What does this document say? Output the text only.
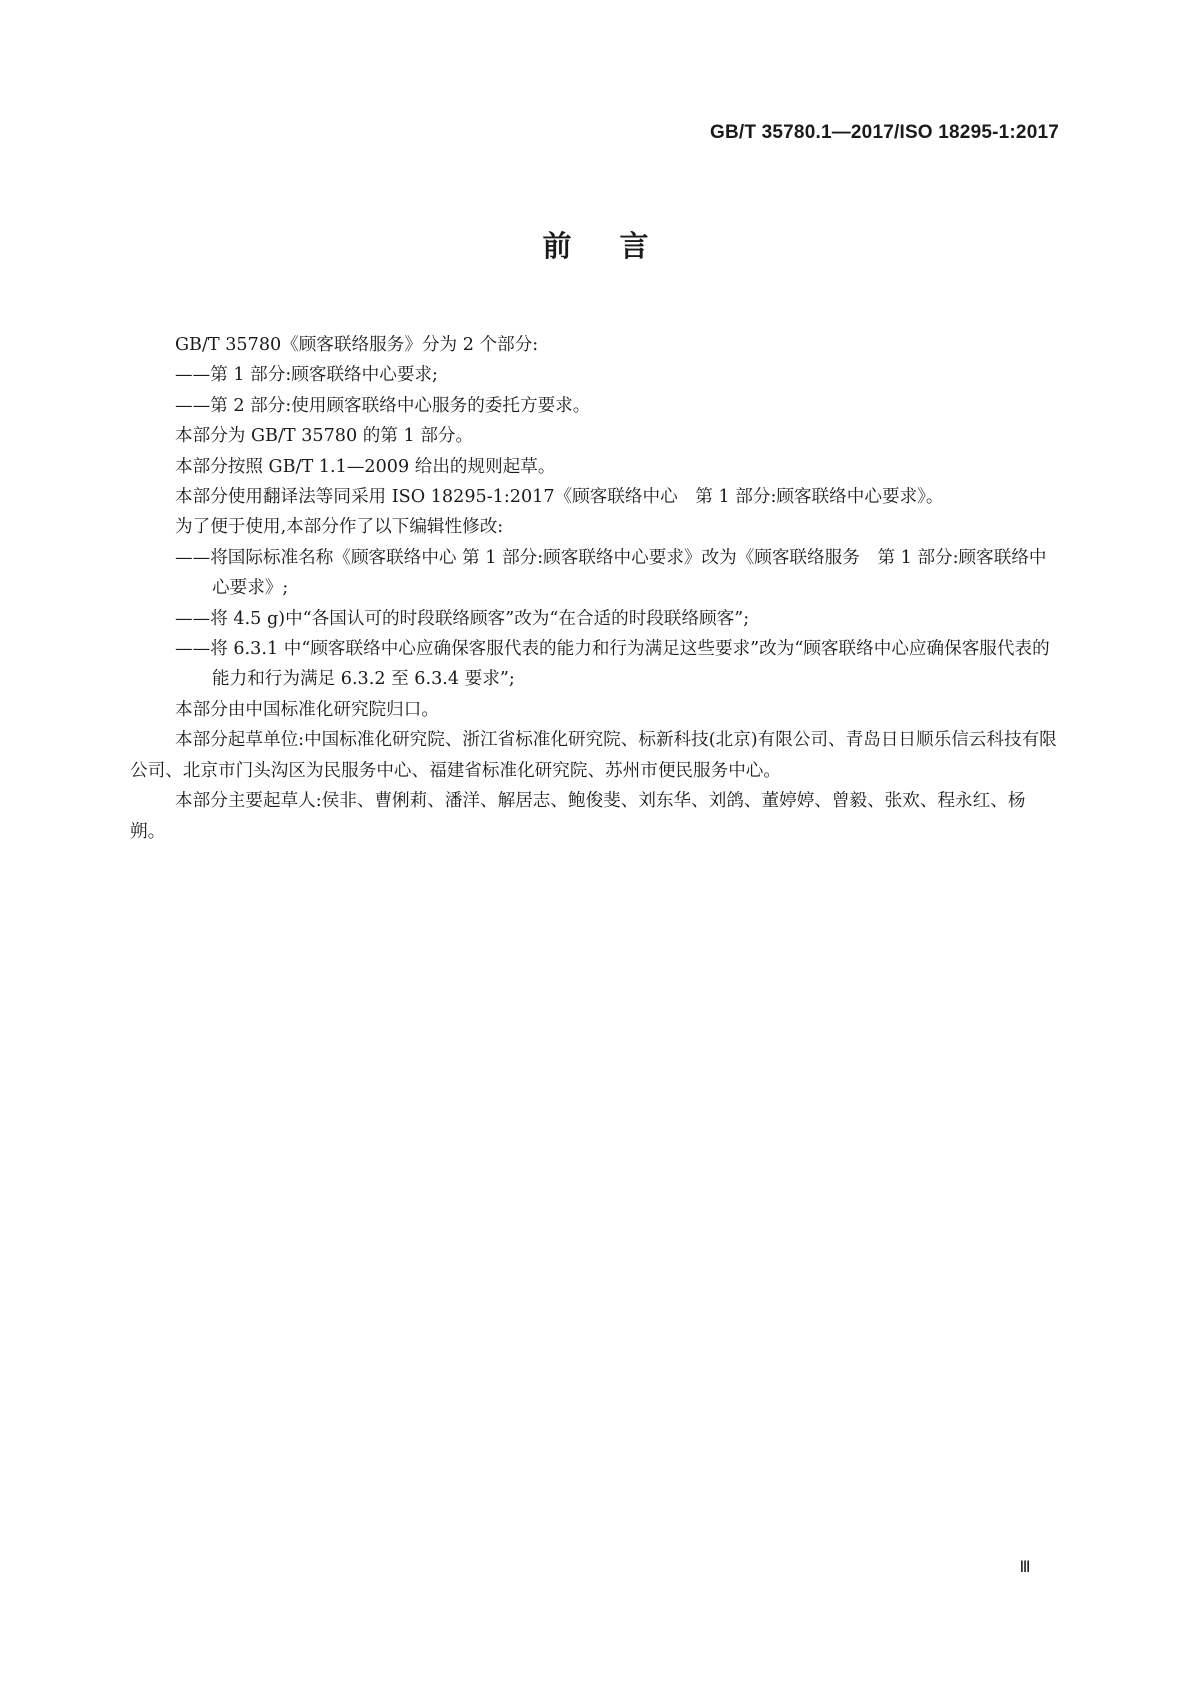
GB/T 35780.1—2017/ISO 18295-1:2017
前言

GB/T 35780《顾客联络服务》分为 2 个部分:

——第 1 部分:顾客联络中心要求;

——第 2 部分:使用顾客联络中心服务的委托方要求。

本部分为 GB/T 35780 的第 1 部分。

本部分按照 GB/T 1.1—2009 给出的规则起草。

本部分使用翻译法等同采用 ISO 18295-1:2017《顾客联络中心　第 1 部分:顾客联络中心要求》。

为了便于使用,本部分作了以下编辑性修改:

——将国际标准名称《顾客联络中心 第 1 部分:顾客联络中心要求》改为《顾客联络服务　第 1 部分:顾客联络中心要求》;

——将 4.5 g)中“各国认可的时段联络顾客”改为“在合适的时段联络顾客”;

——将 6.3.1 中“顾客联络中心应确保客服代表的能力和行为满足这些要求”改为“顾客联络中心应确保客服代表的能力和行为满足 6.3.2 至 6.3.4 要求”;

本部分由中国标准化研究院归口。

本部分起草单位:中国标准化研究院、浙江省标准化研究院、标新科技(北京)有限公司、青岛日日顺乐信云科技有限公司、北京市门头沟区为民服务中心、福建省标准化研究院、苏州市便民服务中心。

本部分主要起草人:侯非、曹俐莉、潘洋、解居志、鲍俊斐、刘东华、刘鸽、董婷婷、曾毅、张欢、程永红、杨朔。

Ⅲ
